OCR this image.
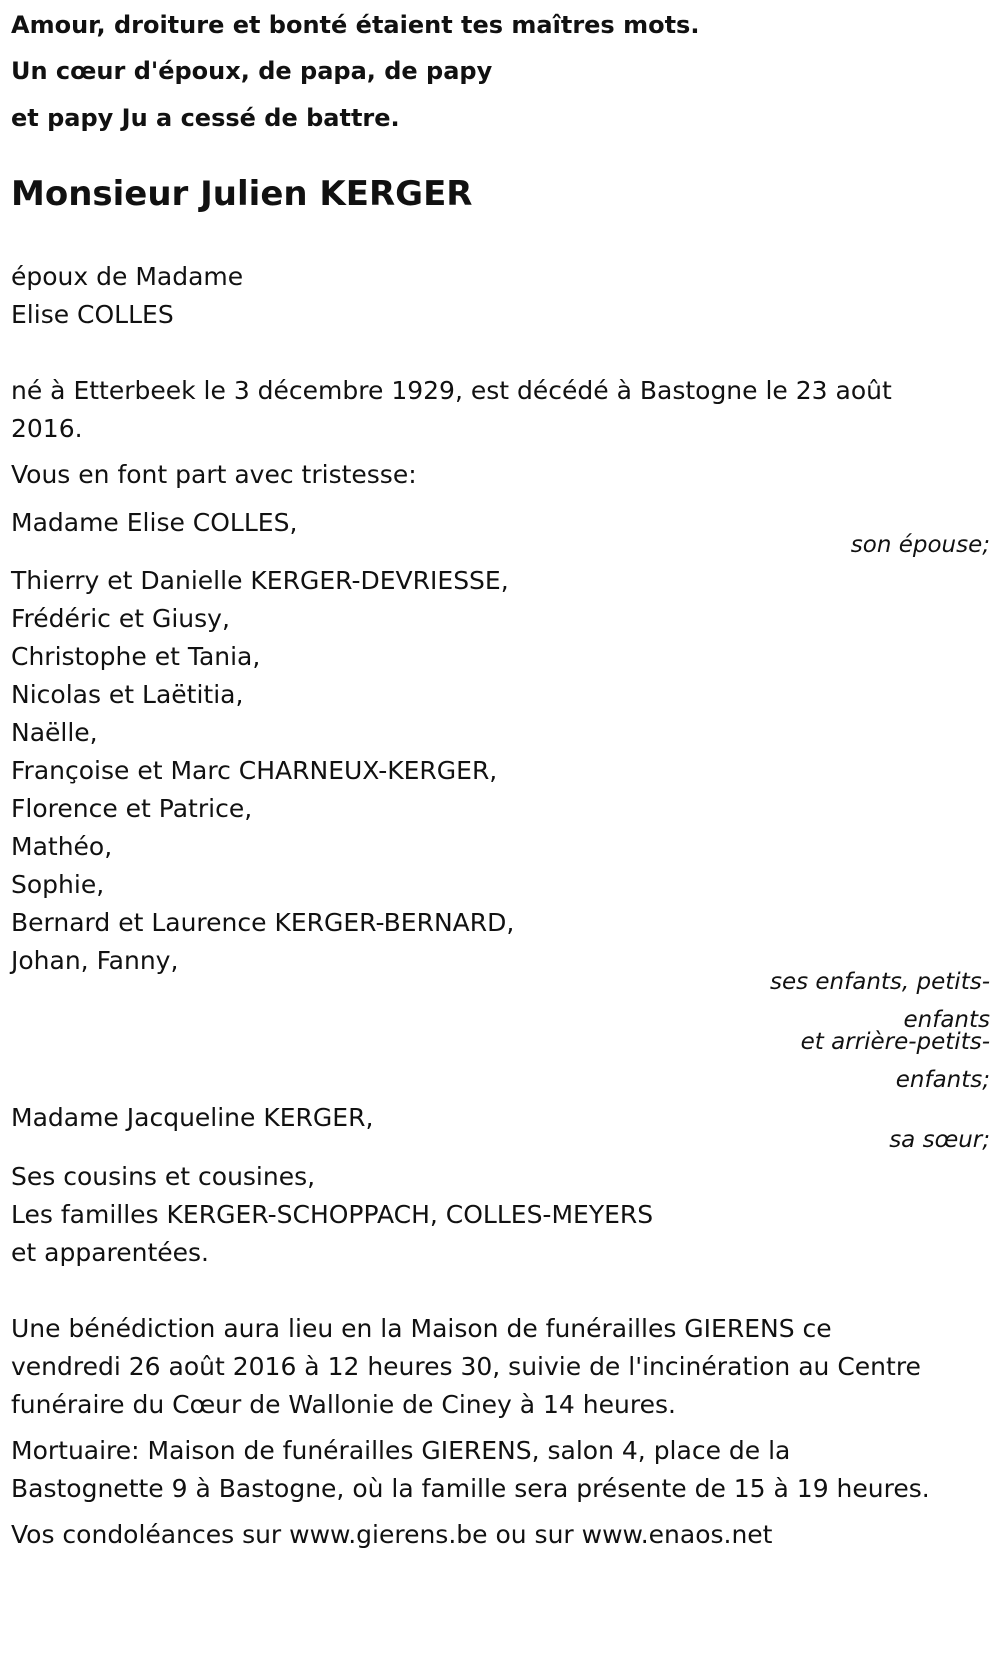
Amour, droiture et bonté étaient tes maîtres mots.
Un cœur d'époux, de papa, de papy
et papy Ju a cessé de battre.
Monsieur Julien KERGER
époux de Madame
Elise COLLES
né à Etterbeek le 3 décembre 1929, est décédé à Bastogne le 23 août
2016.
Vous en font part avec tristesse:
Madame Elise COLLES,
son épouse;
Thierry et Danielle KERGER-DEVRIESSE,
Frédéric et Giusy,
Christophe et Tania,
Nicolas et Laëtitia,
Naëlle,
Françoise et Marc CHARNEUX-KERGER,
Florence et Patrice,
Mathéo,
Sophie,
Bernard et Laurence KERGER-BERNARD,
Johan, Fanny,
ses enfants, petits-
enfants
et arrière-petits-
enfants;
Madame Jacqueline KERGER,
sa sœur;
Ses cousins et cousines,
Les familles KERGER-SCHOPPACH, COLLES-MEYERS
et apparentées.
Une bénédiction aura lieu en la Maison de funérailles GIERENS ce
vendredi 26 août 2016 à 12 heures 30, suivie de l'incinération au Centre
funéraire du Cœur de Wallonie de Ciney à 14 heures.
Mortuaire: Maison de funérailles GIERENS, salon 4, place de la
Bastognette 9 à Bastogne, où la famille sera présente de 15 à 19 heures.
Vos condoléances sur www.gierens.be ou sur www.enaos.net
